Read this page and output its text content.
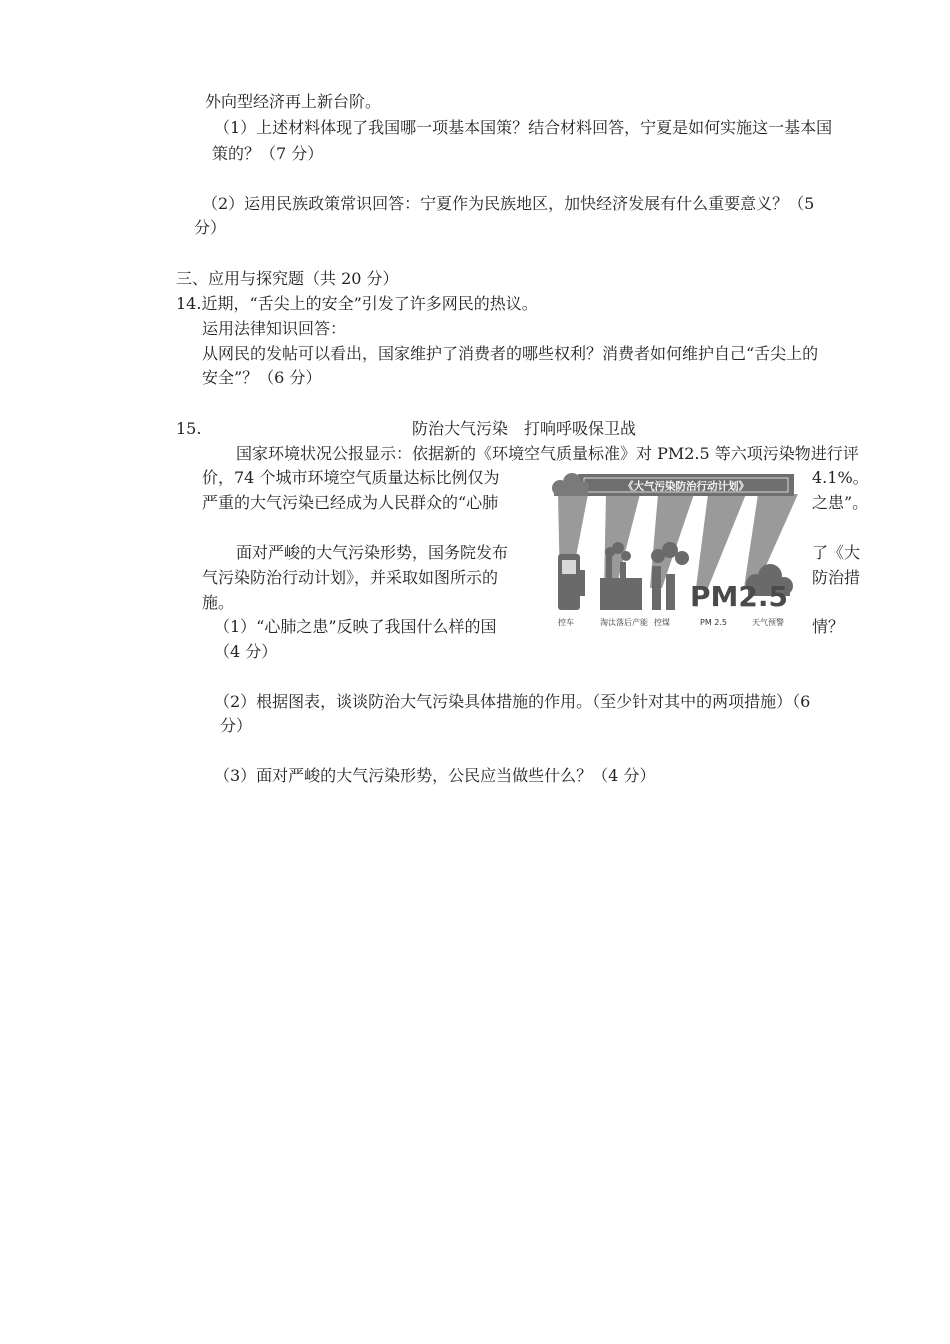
外向型经济再上新台阶。
（1）上述材料体现了我国哪一项基本国策？结合材料回答，宁夏是如何实施这一基本国
策的？（7 分）
（2）运用民族政策常识回答：宁夏作为民族地区，加快经济发展有什么重要意义？（5
分）
三、应用与探究题（共 20 分）
14.近期，“舌尖上的安全”引发了许多网民的热议。
运用法律知识回答：
从网民的发帖可以看出，国家维护了消费者的哪些权利？消费者如何维护自己“舌尖上的
安全”？（6 分）
15.	防治大气污染　打响呼吸保卫战
国家环境状况公报显示：依据新的《环境空气质量标准》对 PM2.5 等六项污染物进行评
价，74 个城市环境空气质量达标比例仅为	4.1%。
严重的大气污染已经成为人民群众的“心肺	之患”。
面对严峻的大气污染形势，国务院发布	了《大
气污染防治行动计划》，并采取如图所示的	防治措
施。
（1）“心肺之患”反映了我国什么样的国	情？
（4 分）
（2）根据图表，谈谈防治大气污染具体措施的作用。（至少针对其中的两项措施）（6
分）
（3）面对严峻的大气污染形势，公民应当做些什么？（4 分）
《大气污染防治行动计划》
PM2.5
控车	淘汰落后产能 控煤	PM 2.5	天气预警
